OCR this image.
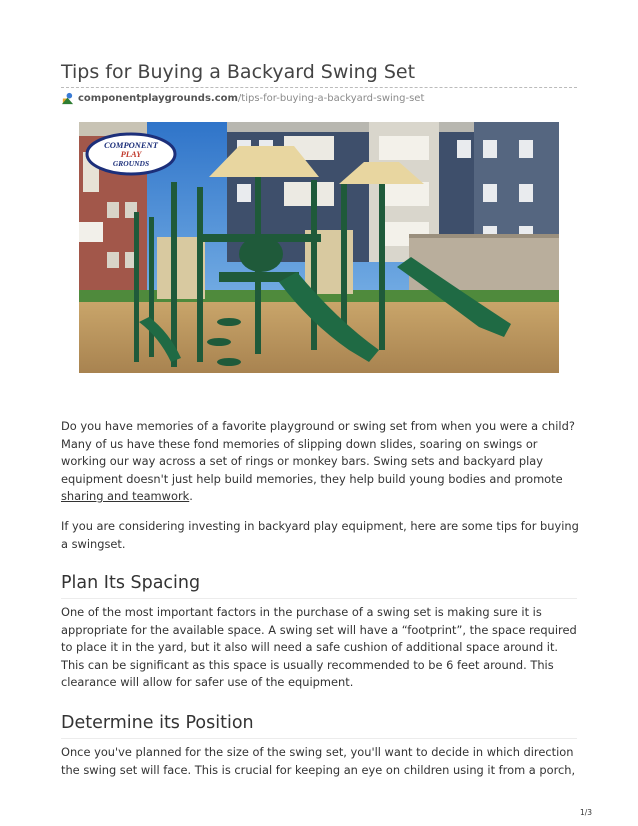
Tips for Buying a Backyard Swing Set
componentplaygrounds.com /tips-for-buying-a-backyard-swing-set
COMPONENT
PLAY
GROUNDS

Do you have memories of a favorite playground or swing set from when you were a child? Many of us have these fond memories of slipping down slides, soaring on swings or working our way across a set of rings or monkey bars. Swing sets and backyard play equipment doesn't just help build memories, they help build young bodies and promote sharing and teamwork.

If you are considering investing in backyard play equipment, here are some tips for buying a swingset.

Plan Its Spacing

One of the most important factors in the purchase of a swing set is making sure it is appropriate for the available space. A swing set will have a “footprint”, the space required to place it in the yard, but it also will need a safe cushion of additional space around it. This can be significant as this space is usually recommended to be 6 feet around. This clearance will allow for safer use of the equipment.

Determine its Position

Once you've planned for the size of the swing set, you'll want to decide in which direction the swing set will face. This is crucial for keeping an eye on children using it from a porch,

1/3
